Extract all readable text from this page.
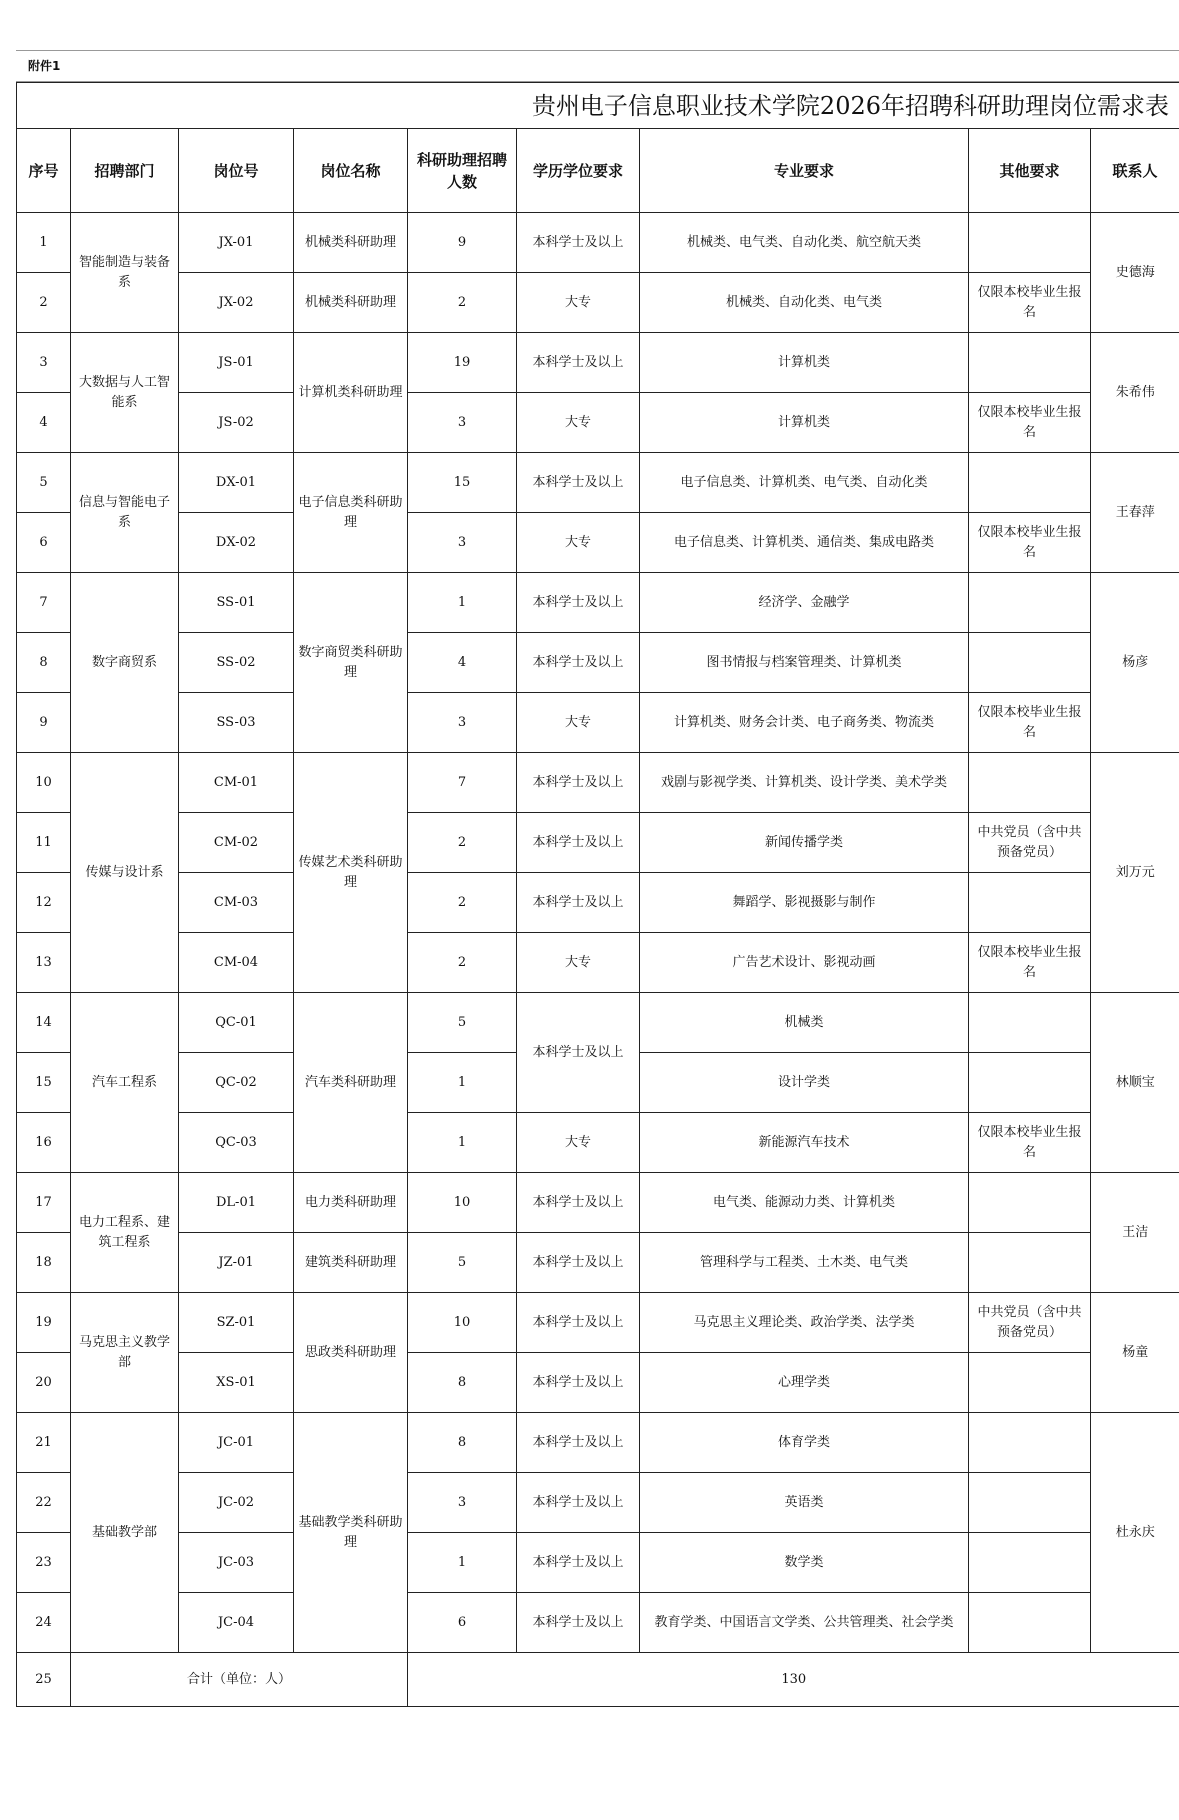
附件1
贵州电子信息职业技术学院2026年招聘科研助理岗位需求表								
序号	招聘部门	岗位号	岗位名称	科研助理招聘人数	学历学位要求	专业要求	其他要求	联系人
1	智能制造与装备系	JX-01	机械类科研助理	9	本科学士及以上	机械类、电气类、自动化类、航空航天类		史德海
2		JX-02	机械类科研助理	2	大专	机械类、自动化类、电气类	仅限本校毕业生报名	
3	大数据与人工智能系	JS-01	计算机类科研助理	19	本科学士及以上	计算机类		朱希伟
4		JS-02		3	大专	计算机类	仅限本校毕业生报名	
5	信息与智能电子系	DX-01	电子信息类科研助理	15	本科学士及以上	电子信息类、计算机类、电气类、自动化类		王春萍
6		DX-02		3	大专	电子信息类、计算机类、通信类、集成电路类	仅限本校毕业生报名	
7	数字商贸系	SS-01	数字商贸类科研助理	1	本科学士及以上	经济学、金融学		杨彦
8		SS-02		4	本科学士及以上	图书情报与档案管理类、计算机类		
9		SS-03		3	大专	计算机类、财务会计类、电子商务类、物流类	仅限本校毕业生报名	
10	传媒与设计系	CM-01	传媒艺术类科研助理	7	本科学士及以上	戏剧与影视学类、计算机类、设计学类、美术学类		刘万元
11		CM-02		2	本科学士及以上	新闻传播学类	中共党员（含中共预备党员）	
12		CM-03		2	本科学士及以上	舞蹈学、影视摄影与制作		
13		CM-04		2	大专	广告艺术设计、影视动画	仅限本校毕业生报名	
14	汽车工程系	QC-01	汽车类科研助理	5	本科学士及以上	机械类		林顺宝
15		QC-02		1		设计学类		
16		QC-03		1	大专	新能源汽车技术	仅限本校毕业生报名	
17	电力工程系、建筑工程系	DL-01	电力类科研助理	10	本科学士及以上	电气类、能源动力类、计算机类		王洁
18		JZ-01	建筑类科研助理	5	本科学士及以上	管理科学与工程类、土木类、电气类		
19	马克思主义教学部	SZ-01	思政类科研助理	10	本科学士及以上	马克思主义理论类、政治学类、法学类	中共党员（含中共预备党员）	杨童
20		XS-01		8	本科学士及以上	心理学类		
21	基础教学部	JC-01	基础教学类科研助理	8	本科学士及以上	体育学类		杜永庆
22		JC-02		3	本科学士及以上	英语类		
23		JC-03		1	本科学士及以上	数学类		
24		JC-04		6	本科学士及以上	教育学类、中国语言文学类、公共管理类、社会学类		
25	合计（单位：人）			130				
